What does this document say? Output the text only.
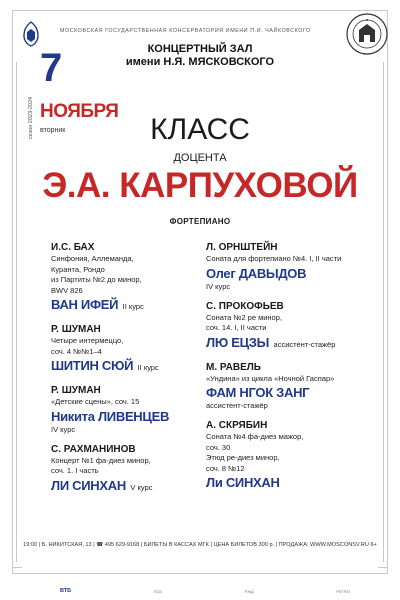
МОСКОВСКАЯ ГОСУДАРСТВЕННАЯ КОНСЕРВАТОРИЯ ИМЕНИ П.И. ЧАЙКОВСКОГО
КОНЦЕРТНЫЙ ЗАЛ
имени Н.Я. МЯСКОВСКОГО
сезон 2023-2024
7
НОЯБРЯ
вторник	КЛАСС
ДОЦЕНТА
Э.А. КАРПУХОВОЙ
ФОРТЕПИАНО
И.С. БАХ
Синфония, Аллеманда,
Куранта, Рондо
из Партиты №2 до минор,
BWV 826
ВАН ИФЕЙ II курс
Р. ШУМАН
Четыре интермеццо,
соч. 4 №№1–4
ШИТИН СЮЙ II курс
Р. ШУМАН
«Детские сцены», соч. 15
Никита ЛИВЕНЦЕВ
IV курс
С. РАХМАНИНОВ
Концерт №1 фа-диез минор,
соч. 1. I часть
ЛИ СИНХАН V курс
Л. ОРНШТЕЙН
Соната для фортепиано №4. I, II части
Олег ДАВЫДОВ
IV курс
С. ПРОКОФЬЕВ
Соната №2 ре минор,
соч. 14. I, II части
ЛЮ ЕЦЗЫ ассистент-стажёр
М. РАВЕЛЬ
«Ундина» из цикла «Ночной Гаспар»
ФАМ НГОК ЗАНГ
ассистент-стажёр
А. СКРЯБИН
Соната №4 фа-диез мажор,
соч. 30
Этюд ре-диез минор,
соч. 8 №12
Ли СИНХАН
19:00 | Б. НИКИТСКАЯ, 13 | ☎ 495 629-9168 | БИЛЕТЫ В КАССАХ МГК | ЦЕНА БИЛЕТОВ 300 р. | ПРОДАЖА: WWW.MOSCONSV.RU 6+
ВТБ	ПСБ	РЖД	PETRO
